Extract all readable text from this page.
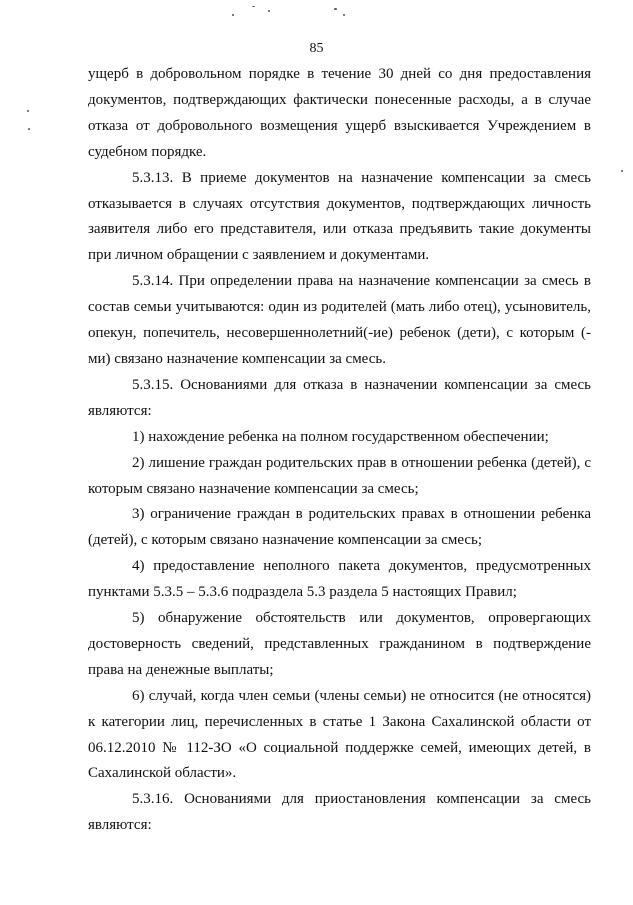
85

ущерб в добровольном порядке в течение 30 дней со дня предоставления документов, подтверждающих фактически понесенные расходы, а в случае отказа от добровольного возмещения ущерб взыскивается Учреждением в судебном порядке.

5.3.13. В приеме документов на назначение компенсации за смесь отказывается в случаях отсутствия документов, подтверждающих личность заявителя либо его представителя, или отказа предъявить такие документы при личном обращении с заявлением и документами.

5.3.14. При определении права на назначение компенсации за смесь в состав семьи учитываются: один из родителей (мать либо отец), усыновитель, опекун, попечитель, несовершеннолетний(-ие) ребенок (дети), с которым (-ми) связано назначение компенсации за смесь.

5.3.15. Основаниями для отказа в назначении компенсации за смесь являются:

1) нахождение ребенка на полном государственном обеспечении;

2) лишение граждан родительских прав в отношении ребенка (детей), с которым связано назначение компенсации за смесь;

3) ограничение граждан в родительских правах в отношении ребенка (детей), с которым связано назначение компенсации за смесь;

4) предоставление неполного пакета документов, предусмотренных пунктами 5.3.5 – 5.3.6 подраздела 5.3 раздела 5 настоящих Правил;

5) обнаружение обстоятельств или документов, опровергающих достоверность сведений, представленных гражданином в подтверждение права на денежные выплаты;

6) случай, когда член семьи (члены семьи) не относится (не относятся) к категории лиц, перечисленных в статье 1 Закона Сахалинской области от 06.12.2010 № 112-ЗО «О социальной поддержке семей, имеющих детей, в Сахалинской области».

5.3.16. Основаниями для приостановления компенсации за смесь являются:
